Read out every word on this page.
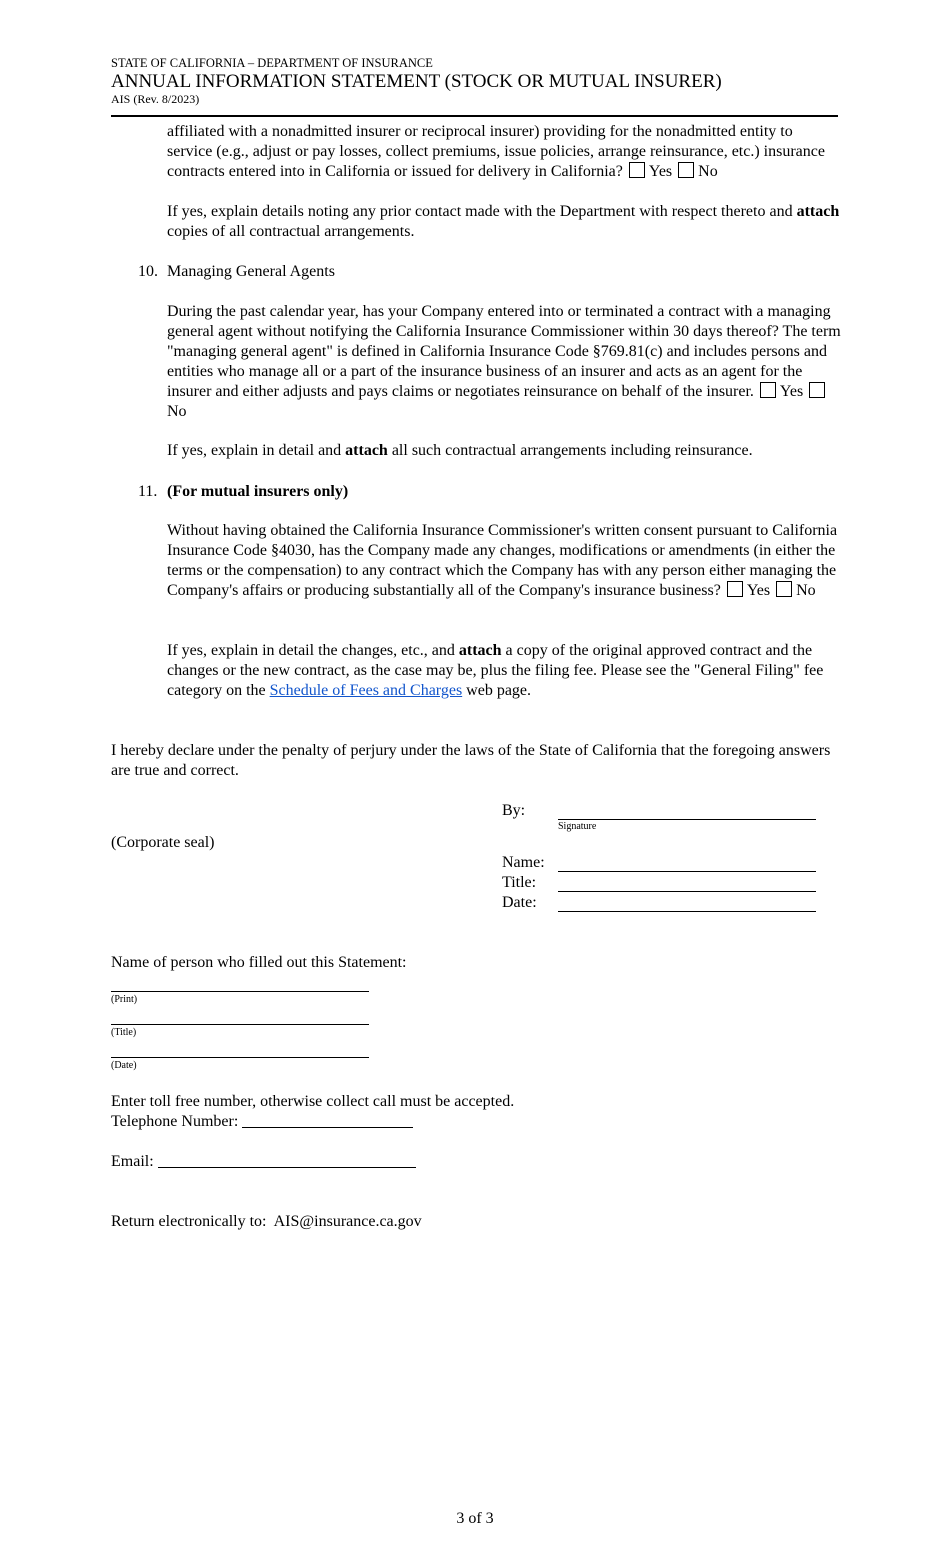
STATE OF CALIFORNIA – DEPARTMENT OF INSURANCE
ANNUAL INFORMATION STATEMENT (STOCK OR MUTUAL INSURER)
AIS (Rev. 8/2023)
affiliated with a nonadmitted insurer or reciprocal insurer) providing for the nonadmitted entity to service (e.g., adjust or pay losses, collect premiums, issue policies, arrange reinsurance, etc.) insurance contracts entered into in California or issued for delivery in California? Yes No
If yes, explain details noting any prior contact made with the Department with respect thereto and attach copies of all contractual arrangements.
10. Managing General Agents
During the past calendar year, has your Company entered into or terminated a contract with a managing general agent without notifying the California Insurance Commissioner within 30 days thereof? The term "managing general agent" is defined in California Insurance Code §769.81(c) and includes persons and entities who manage all or a part of the insurance business of an insurer and acts as an agent for the insurer and either adjusts and pays claims or negotiates reinsurance on behalf of the insurer. YesNo
If yes, explain in detail and attach all such contractual arrangements including reinsurance.
11. (For mutual insurers only)
Without having obtained the California Insurance Commissioner's written consent pursuant to California Insurance Code §4030, has the Company made any changes, modifications or amendments (in either the terms or the compensation) to any contract which the Company has with any person either managing the Company's affairs or producing substantially all of the Company's insurance business? Yes No
If yes, explain in detail the changes, etc., and attach a copy of the original approved contract and the changes or the new contract, as the case may be, plus the filing fee. Please see the "General Filing" fee category on the Schedule of Fees and Charges web page.
I hereby declare under the penalty of perjury under the laws of the State of California that the foregoing answers are true and correct.
By:
Signature
(Corporate seal)
Name:
Title:
Date:
Name of person who filled out this Statement:
(Print)
(Title)
(Date)
Enter toll free number, otherwise collect call must be accepted.
Telephone Number:
Email:
Return electronically to: AIS@insurance.ca.gov
3 of 3
